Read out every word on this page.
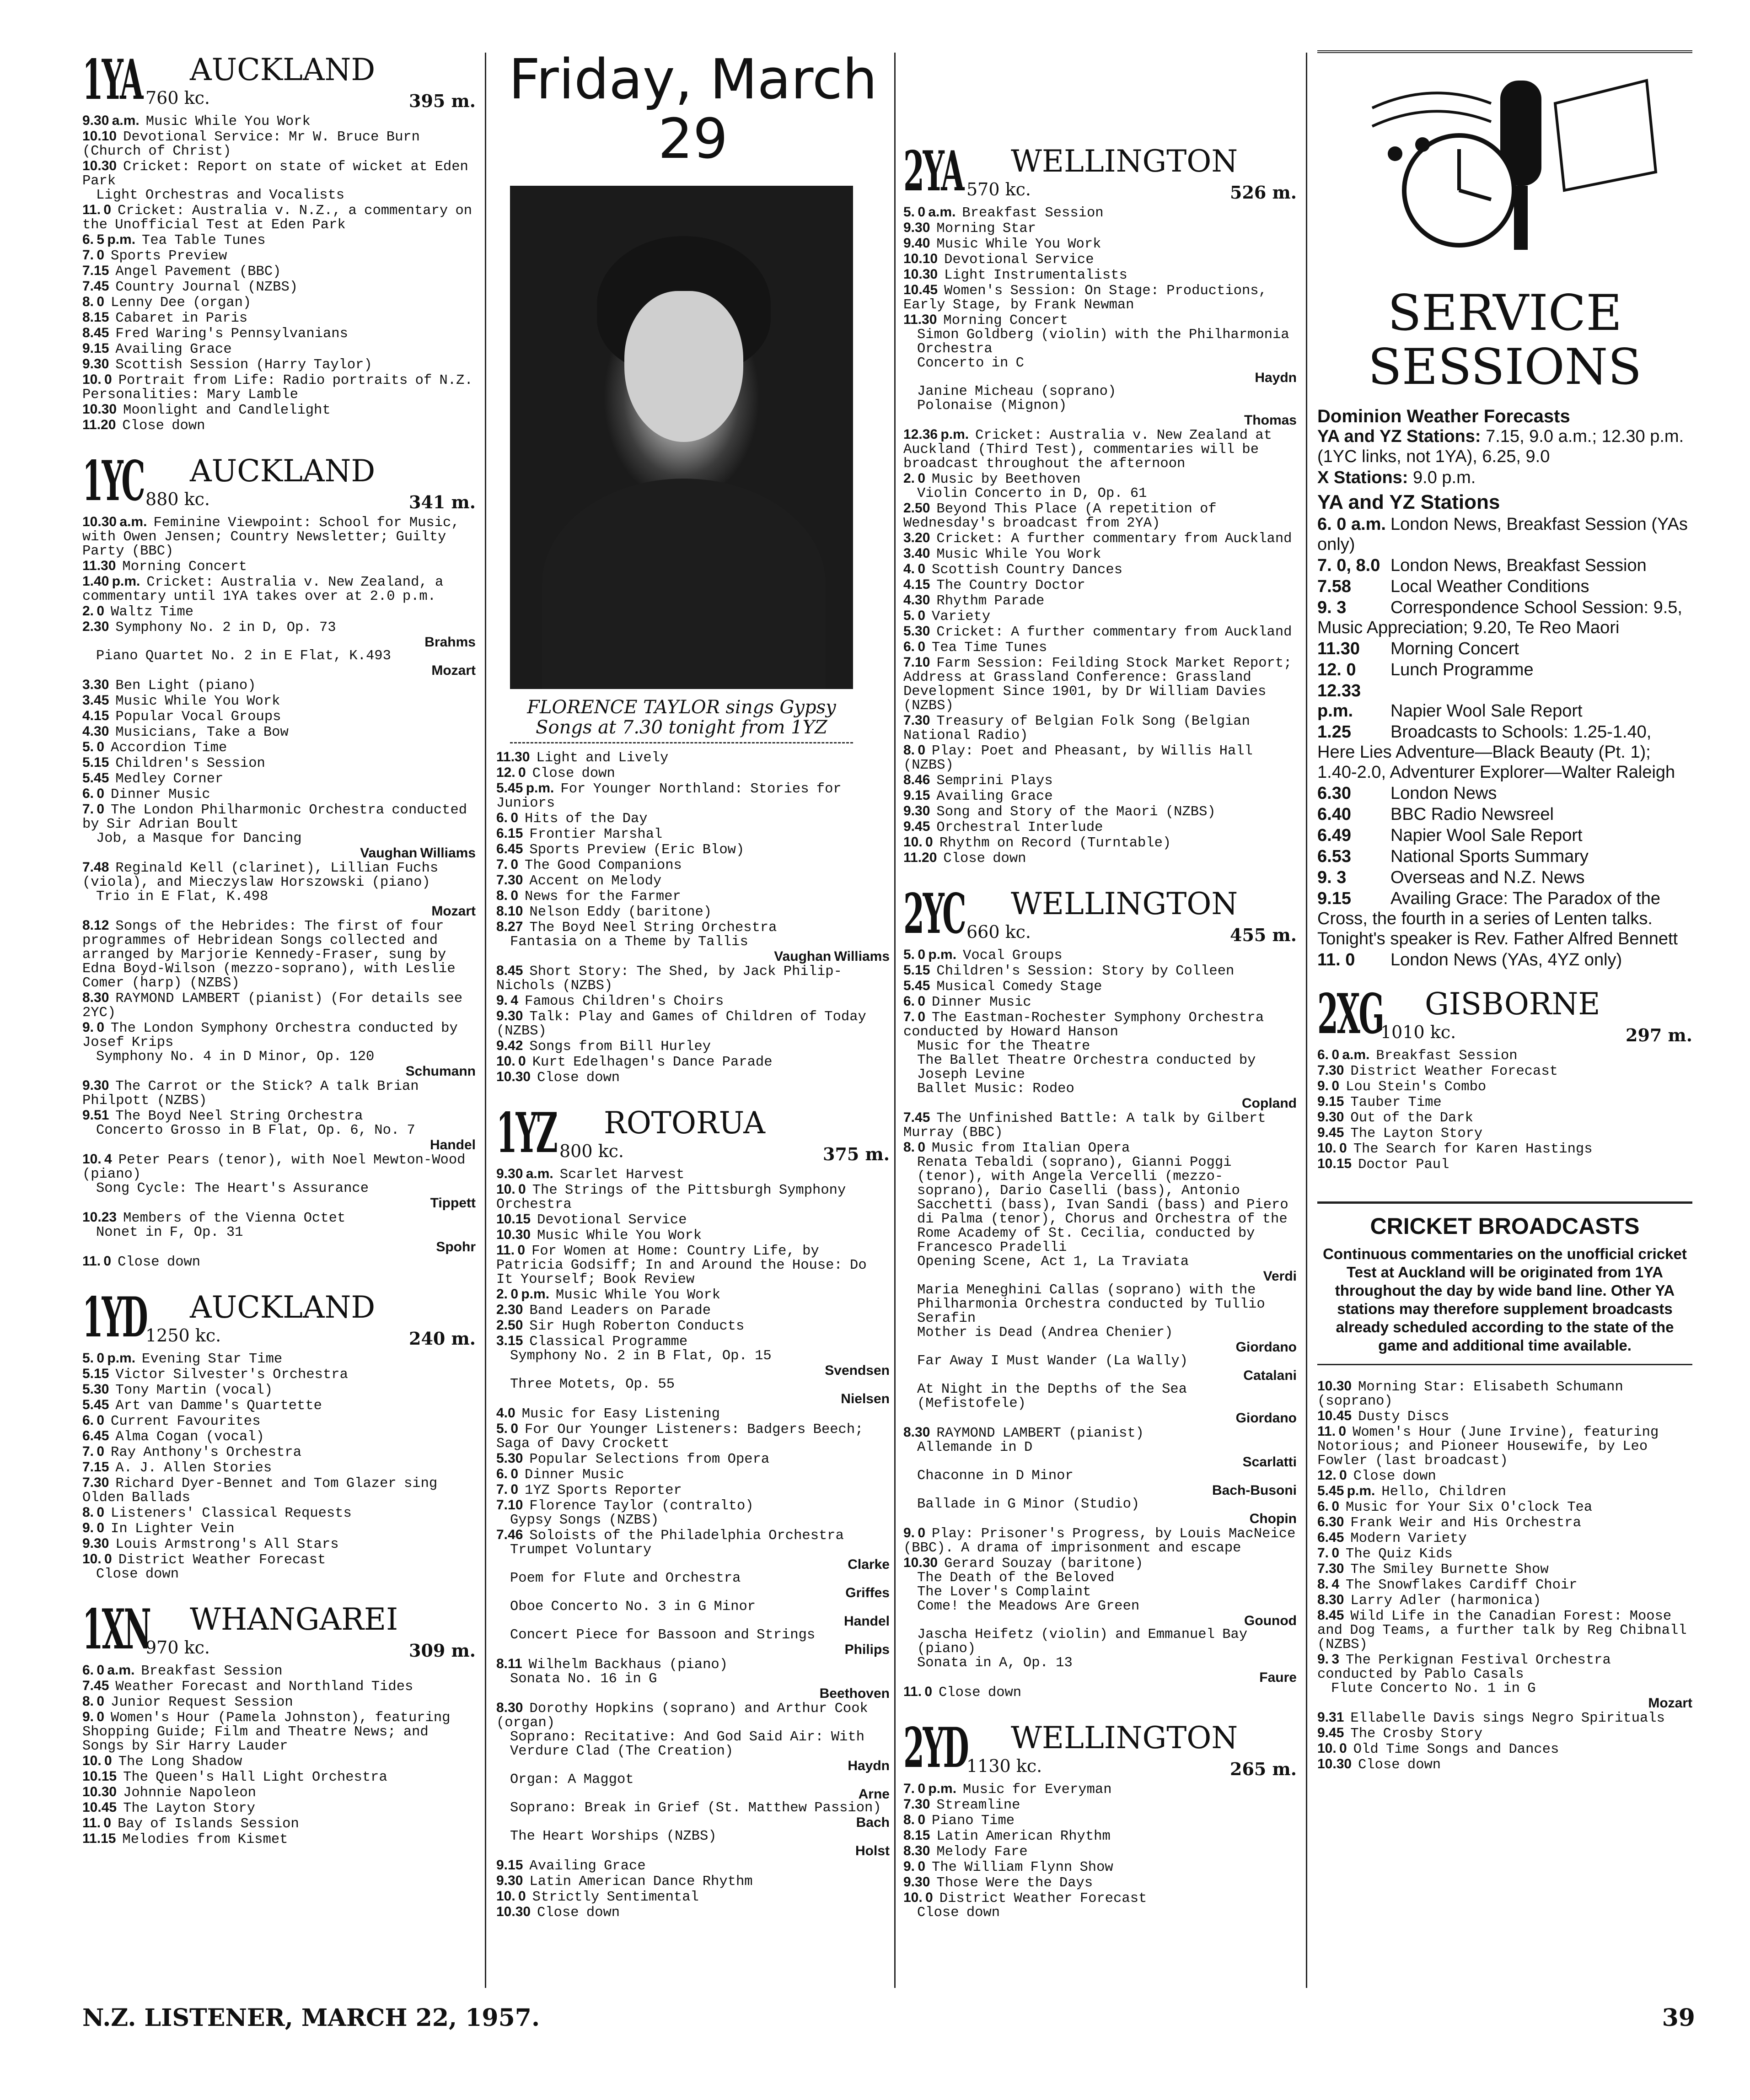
1YA AUCKLAND
760 kc.	395 m.

9.30 a.m. Music While You Work

10.10 Devotional Service: Mr W. Bruce Burn (Church of Christ)

10.30 Cricket: Report on state of wicket at Eden Park

Light Orchestras and Vocalists

11. 0 Cricket: Australia v. N.Z., a commentary on the Unofficial Test at Eden Park

6. 5 p.m. Tea Table Tunes

7. 0 Sports Preview

7.15 Angel Pavement (BBC)

7.45 Country Journal (NZBS)

8. 0 Lenny Dee (organ)

8.15 Cabaret in Paris

8.45 Fred Waring's Pennsylvanians

9.15 Availing Grace

9.30 Scottish Session (Harry Taylor)

10. 0 Portrait from Life: Radio portraits of N.Z. Personalities: Mary Lamble

10.30 Moonlight and Candlelight

11.20 Close down

1YC AUCKLAND
880 kc.	341 m.

10.30 a.m. Feminine Viewpoint: School for Music, with Owen Jensen; Country Newsletter; Guilty Party (BBC)

11.30 Morning Concert

1.40 p.m. Cricket: Australia v. New Zealand, a commentary until 1YA takes over at 2.0 p.m.

2. 0 Waltz Time

2.30 Symphony No. 2 in D, Op. 73
Brahms

Piano Quartet No. 2 in E Flat, K.493
Mozart

3.30 Ben Light (piano)

3.45 Music While You Work

4.15 Popular Vocal Groups

4.30 Musicians, Take a Bow

5. 0 Accordion Time

5.15 Children's Session

5.45 Medley Corner

6. 0 Dinner Music

7. 0 The London Philharmonic Orchestra conducted by Sir Adrian Boult

Job, a Masque for Dancing
Vaughan Williams

7.48 Reginald Kell (clarinet), Lillian Fuchs (viola), and Mieczyslaw Horszowski (piano)

Trio in E Flat, K.498
Mozart

8.12 Songs of the Hebrides: The first of four programmes of Hebridean Songs collected and arranged by Marjorie Kennedy-Fraser, sung by Edna Boyd-Wilson (mezzo-soprano), with Leslie Comer (harp) (NZBS)

8.30 RAYMOND LAMBERT (pianist) (For details see 2YC)

9. 0 The London Symphony Orchestra conducted by Josef Krips

Symphony No. 4 in D Minor, Op. 120
Schumann

9.30 The Carrot or the Stick? A talk Brian Philpott (NZBS)

9.51 The Boyd Neel String Orchestra

Concerto Grosso in B Flat, Op. 6, No. 7
Handel

10. 4 Peter Pears (tenor), with Noel Mewton-Wood (piano)

Song Cycle: The Heart's Assurance
Tippett

10.23 Members of the Vienna Octet

Nonet in F, Op. 31
Spohr

11. 0 Close down

1YD AUCKLAND
1250 kc.	240 m.

5. 0 p.m. Evening Star Time

5.15 Victor Silvester's Orchestra

5.30 Tony Martin (vocal)

5.45 Art van Damme's Quartette

6. 0 Current Favourites

6.45 Alma Cogan (vocal)

7. 0 Ray Anthony's Orchestra

7.15 A. J. Allen Stories

7.30 Richard Dyer-Bennet and Tom Glazer sing Olden Ballads

8. 0 Listeners' Classical Requests

9. 0 In Lighter Vein

9.30 Louis Armstrong's All Stars

10. 0 District Weather Forecast

Close down

1XN WHANGAREI
970 kc.	309 m.

6. 0 a.m. Breakfast Session

7.45 Weather Forecast and Northland Tides

8. 0 Junior Request Session

9. 0 Women's Hour (Pamela Johnston), featuring Shopping Guide; Film and Theatre News; and Songs by Sir Harry Lauder

10. 0 The Long Shadow

10.15 The Queen's Hall Light Orchestra

10.30 Johnnie Napoleon

10.45 The Layton Story

11. 0 Bay of Islands Session

11.15 Melodies from Kismet

Friday, March 29
FLORENCE TAYLOR sings Gypsy Songs at 7.30 tonight from 1YZ

11.30 Light and Lively

12. 0 Close down

5.45 p.m. For Younger Northland: Stories for Juniors

6. 0 Hits of the Day

6.15 Frontier Marshal

6.45 Sports Preview (Eric Blow)

7. 0 The Good Companions

7.30 Accent on Melody

8. 0 News for the Farmer

8.10 Nelson Eddy (baritone)

8.27 The Boyd Neel String Orchestra

Fantasia on a Theme by Tallis
Vaughan Williams

8.45 Short Story: The Shed, by Jack Philip-Nichols (NZBS)

9. 4 Famous Children's Choirs

9.30 Talk: Play and Games of Children of Today (NZBS)

9.42 Songs from Bill Hurley

10. 0 Kurt Edelhagen's Dance Parade

10.30 Close down

1YZ ROTORUA
800 kc.	375 m.

9.30 a.m. Scarlet Harvest

10. 0 The Strings of the Pittsburgh Symphony Orchestra

10.15 Devotional Service

10.30 Music While You Work

11. 0 For Women at Home: Country Life, by Patricia Godsiff; In and Around the House: Do It Yourself; Book Review

2. 0 p.m. Music While You Work

2.30 Band Leaders on Parade

2.50 Sir Hugh Roberton Conducts

3.15 Classical Programme

Symphony No. 2 in B Flat, Op. 15
Svendsen

Three Motets, Op. 55
Nielsen

4.0 Music for Easy Listening

5. 0 For Our Younger Listeners: Badgers Beech; Saga of Davy Crockett

5.30 Popular Selections from Opera

6. 0 Dinner Music

7. 0 1YZ Sports Reporter

7.10 Florence Taylor (contralto)

Gypsy Songs (NZBS)

7.46 Soloists of the Philadelphia Orchestra

Trumpet Voluntary
Clarke

Poem for Flute and Orchestra
Griffes

Oboe Concerto No. 3 in G Minor
Handel

Concert Piece for Bassoon and Strings
Philips

8.11 Wilhelm Backhaus (piano)

Sonata No. 16 in G
Beethoven

8.30 Dorothy Hopkins (soprano) and Arthur Cook (organ)

Soprano: Recitative: And God Said Air: With Verdure Clad (The Creation)
Haydn

Organ: A Maggot
Arne

Soprano: Break in Grief (St. Matthew Passion)
Bach

The Heart Worships (NZBS)
Holst

9.15 Availing Grace

9.30 Latin American Dance Rhythm

10. 0 Strictly Sentimental

10.30 Close down

2YA WELLINGTON
570 kc.	526 m.

5. 0 a.m. Breakfast Session

9.30 Morning Star

9.40 Music While You Work

10.10 Devotional Service

10.30 Light Instrumentalists

10.45 Women's Session: On Stage: Productions, Early Stage, by Frank Newman

11.30 Morning Concert

Simon Goldberg (violin) with the Philharmonia Orchestra

Concerto in C
Haydn

Janine Micheau (soprano)

Polonaise (Mignon)
Thomas

12.36 p.m. Cricket: Australia v. New Zealand at Auckland (Third Test), commentaries will be broadcast throughout the afternoon

2. 0 Music by Beethoven

Violin Concerto in D, Op. 61

2.50 Beyond This Place (A repetition of Wednesday's broadcast from 2YA)

3.20 Cricket: A further commentary from Auckland

3.40 Music While You Work

4. 0 Scottish Country Dances

4.15 The Country Doctor

4.30 Rhythm Parade

5. 0 Variety

5.30 Cricket: A further commentary from Auckland

6. 0 Tea Time Tunes

7.10 Farm Session: Feilding Stock Market Report; Address at Grassland Conference: Grassland Development Since 1901, by Dr William Davies (NZBS)

7.30 Treasury of Belgian Folk Song (Belgian National Radio)

8. 0 Play: Poet and Pheasant, by Willis Hall (NZBS)

8.46 Semprini Plays

9.15 Availing Grace

9.30 Song and Story of the Maori (NZBS)

9.45 Orchestral Interlude

10. 0 Rhythm on Record (Turntable)

11.20 Close down

2YC WELLINGTON
660 kc.	455 m.

5. 0 p.m. Vocal Groups

5.15 Children's Session: Story by Colleen

5.45 Musical Comedy Stage

6. 0 Dinner Music

7. 0 The Eastman-Rochester Symphony Orchestra conducted by Howard Hanson

Music for the Theatre

The Ballet Theatre Orchestra conducted by Joseph Levine

Ballet Music: Rodeo
Copland

7.45 The Unfinished Battle: A talk by Gilbert Murray (BBC)

8. 0 Music from Italian Opera

Renata Tebaldi (soprano), Gianni Poggi (tenor), with Angela Vercelli (mezzo-soprano), Dario Caselli (bass), Antonio Sacchetti (bass), Ivan Sandi (bass) and Piero di Palma (tenor), Chorus and Orchestra of the Rome Academy of St. Cecilia, conducted by Francesco Pradelli

Opening Scene, Act 1, La Traviata
Verdi

Maria Meneghini Callas (soprano) with the Philharmonia Orchestra conducted by Tullio Serafin

Mother is Dead (Andrea Chenier)
Giordano

Far Away I Must Wander (La Wally)
Catalani

At Night in the Depths of the Sea (Mefistofele)
Giordano

8.30 RAYMOND LAMBERT (pianist)

Allemande in D
Scarlatti

Chaconne in D Minor
Bach-Busoni

Ballade in G Minor (Studio)
Chopin

9. 0 Play: Prisoner's Progress, by Louis MacNeice (BBC). A drama of imprisonment and escape

10.30 Gerard Souzay (baritone)

The Death of the Beloved

The Lover's Complaint

Come! the Meadows Are Green
Gounod

Jascha Heifetz (violin) and Emmanuel Bay (piano)

Sonata in A, Op. 13
Faure

11. 0 Close down

2YD WELLINGTON
1130 kc.	265 m.

7. 0 p.m. Music for Everyman

7.30 Streamline

8. 0 Piano Time

8.15 Latin American Rhythm

8.30 Melody Fare

9. 0 The William Flynn Show

9.30 Those Were the Days

10. 0 District Weather Forecast

Close down

SERVICE
SESSIONS
Dominion Weather Forecasts

YA and YZ Stations: 7.15, 9.0 a.m.; 12.30 p.m. (1YC links, not 1YA), 6.25, 9.0

X Stations: 9.0 p.m.

YA and YZ Stations

6. 0 a.m. London News, Breakfast Session (YAs only)

7. 0, 8.0 London News, Breakfast Session

7.58 Local Weather Conditions

9. 3	Correspondence School Session: 9.5, Music Appreciation; 9.20, Te Reo Maori

11.30 Morning Concert

12. 0 Lunch Programme

12.33 p.m. Napier Wool Sale Report

1.25 Broadcasts to Schools: 1.25-1.40, Here Lies Adventure—Black Beauty (Pt. 1); 1.40-2.0, Adventurer Explorer—Walter Raleigh

6.30 London News

6.40 BBC Radio Newsreel

6.49 Napier Wool Sale Report

6.53 National Sports Summary

9. 3	Overseas and N.Z. News

9.15 Availing Grace: The Paradox of the Cross, the fourth in a series of Lenten talks. Tonight's speaker is Rev. Father Alfred Bennett

11. 0 London News (YAs, 4YZ only)

2XG GISBORNE
1010 kc.	297 m.

6. 0 a.m. Breakfast Session

7.30 District Weather Forecast

9. 0 Lou Stein's Combo

9.15 Tauber Time

9.30 Out of the Dark

9.45 The Layton Story

10. 0 The Search for Karen Hastings

10.15 Doctor Paul

CRICKET BROADCASTS
Continuous commentaries on the unofficial cricket Test at Auckland will be originated from 1YA throughout the day by wide band line. Other YA stations may therefore supplement broadcasts already scheduled according to the state of the game and additional time available.

10.30 Morning Star: Elisabeth Schumann (soprano)

10.45 Dusty Discs

11. 0 Women's Hour (June Irvine), featuring Notorious; and Pioneer Housewife, by Leo Fowler (last broadcast)

12. 0 Close down

5.45 p.m. Hello, Children

6. 0 Music for Your Six O'clock Tea

6.30 Frank Weir and His Orchestra

6.45 Modern Variety

7. 0 The Quiz Kids

7.30 The Smiley Burnette Show

8. 4 The Snowflakes Cardiff Choir

8.30 Larry Adler (harmonica)

8.45 Wild Life in the Canadian Forest: Moose and Dog Teams, a further talk by Reg Chibnall (NZBS)

9. 3 The Perkignan Festival Orchestra conducted by Pablo Casals

Flute Concerto No. 1 in G
Mozart

9.31 Ellabelle Davis sings Negro Spirituals

9.45 The Crosby Story

10. 0 Old Time Songs and Dances

10.30 Close down

N.Z. LISTENER, MARCH 22, 1957.	39
